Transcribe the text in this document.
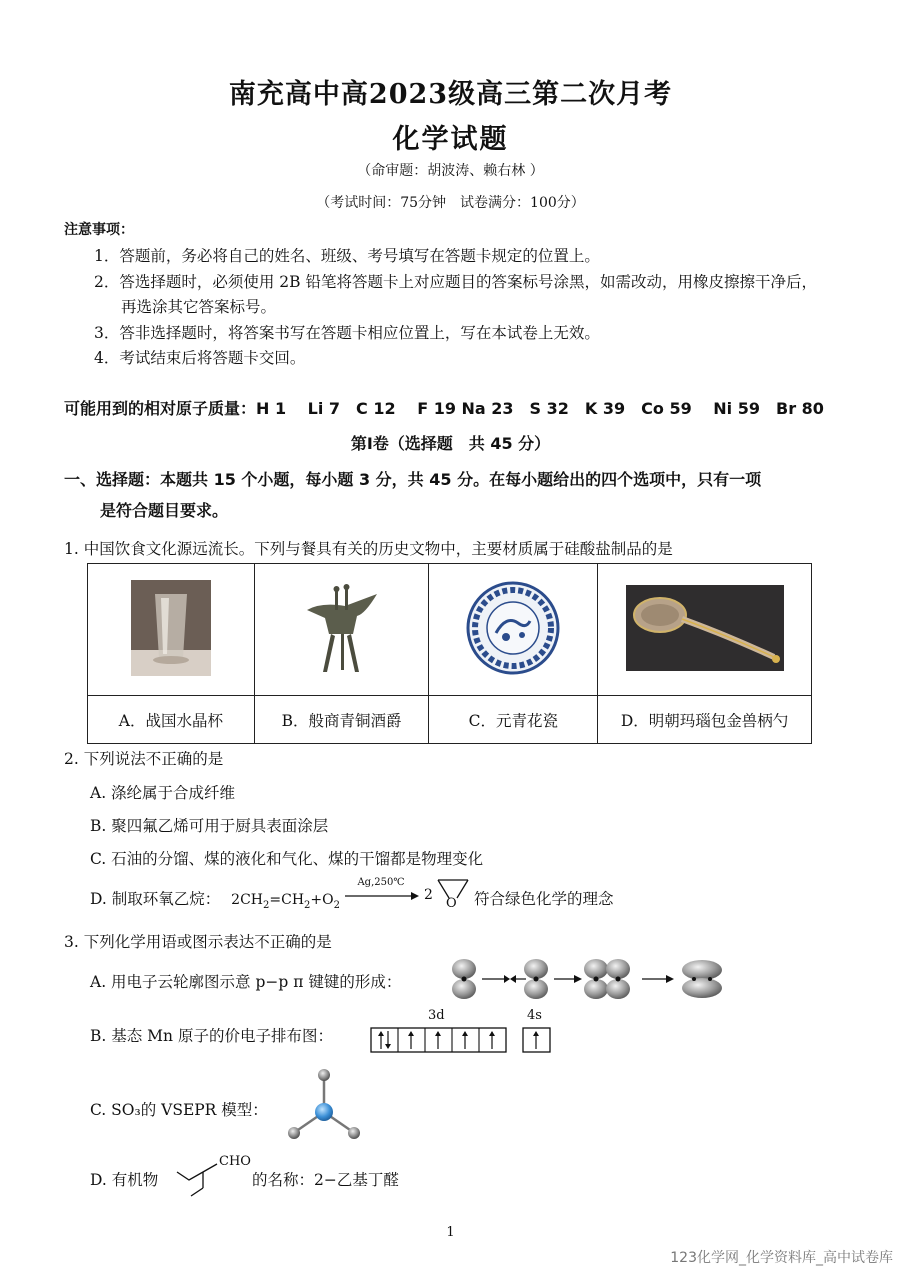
南充高中高2023级高三第二次月考
化学试题
（命审题：胡波涛、赖右林 ）
（考试时间：75分钟　试卷满分：100分）
注意事项：
1．答题前，务必将自己的姓名、班级、考号填写在答题卡规定的位置上。
2．答选择题时，必须使用 2B 铅笔将答题卡上对应题目的答案标号涂黑，如需改动，用橡皮擦擦干净后，
再选涂其它答案标号。
3．答非选择题时，将答案书写在答题卡相应位置上，写在本试卷上无效。
4．考试结束后将答题卡交回。
可能用到的相对原子质量：H 1　 Li 7　C 12　 F 19 Na 23　S 32　K 39　Co 59　 Ni 59　Br 80
第Ⅰ卷（选择题　共 45 分）
一、选择题：本题共 15 个小题，每小题 3 分，共 45 分。在每小题给出的四个选项中，只有一项
是符合题目要求。
1. 中国饮食文化源远流长。下列与餐具有关的历史文物中，主要材质属于硅酸盐制品的是

A．战国水晶杯	B．般商青铜酒爵	C．元青花瓷	D．明朝玛瑙包金兽柄勺
2. 下列说法不正确的是
A. 涤纶属于合成纤维
B. 聚四氟乙烯可用于厨具表面涂层
C. 石油的分馏、煤的液化和气化、煤的干馏都是物理变化
D. 制取环氧乙烷： $2CH_2=CH_2+O_2$
Ag,250℃
2
O 符合绿色化学的理念
3. 下列化学用语或图示表达不正确的是
A. 用电子云轮廓图示意 p−p π 键键的形成：
B. 基态 Mn 原子的价电子排布图：
3d	4s
C. SO₃的 VSEPR 模型：
D. 有机物
CHO
的名称：2−乙基丁醛
1
123化学网_化学资料库_高中试卷库
